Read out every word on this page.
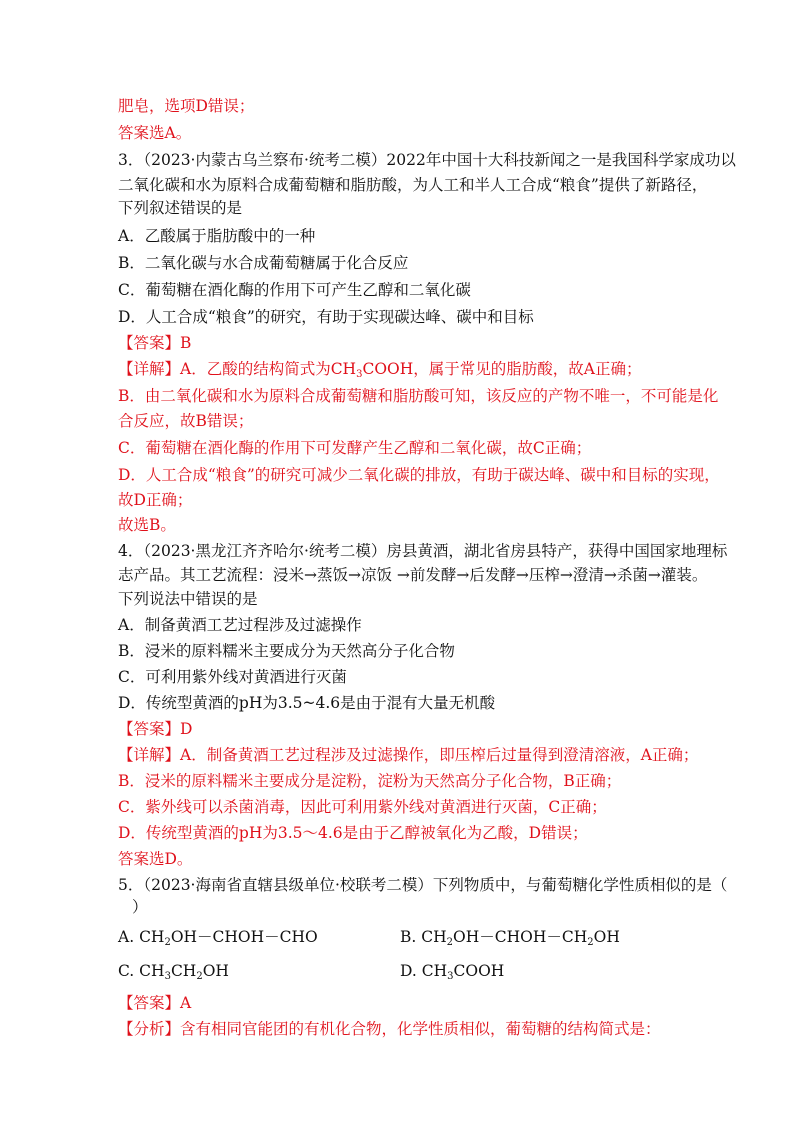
肥皂，选项D错误；
答案选A。
3．（2023·内蒙古乌兰察布·统考二模）2022年中国十大科技新闻之一是我国科学家成功以
二氧化碳和水为原料合成葡萄糖和脂肪酸，为人工和半人工合成“粮食”提供了新路径，
下列叙述错误的是
A．乙酸属于脂肪酸中的一种
B．二氧化碳与水合成葡萄糖属于化合反应
C．葡萄糖在酒化酶的作用下可产生乙醇和二氧化碳
D．人工合成“粮食”的研究，有助于实现碳达峰、碳中和目标
【答案】B
【详解】A．乙酸的结构简式为$CH_3COOH$，属于常见的脂肪酸，故A正确；
B．由二氧化碳和水为原料合成葡萄糖和脂肪酸可知，该反应的产物不唯一，不可能是化
合反应，故B错误；
C．葡萄糖在酒化酶的作用下可发酵产生乙醇和二氧化碳，故C正确；
D．人工合成“粮食”的研究可减少二氧化碳的排放，有助于碳达峰、碳中和目标的实现，
故D正确；
故选B。
4．（2023·黑龙江齐齐哈尔·统考二模）房县黄酒，湖北省房县特产，获得中国国家地理标
志产品。其工艺流程：浸米→蒸饭→凉饭 →前发酵→后发酵→压榨→澄清→杀菌→灌装。
下列说法中错误的是
A．制备黄酒工艺过程涉及过滤操作
B．浸米的原料糯米主要成分为天然高分子化合物
C．可利用紫外线对黄酒进行灭菌
D．传统型黄酒的pH为3.5~4.6是由于混有大量无机酸
【答案】D
【详解】A．制备黄酒工艺过程涉及过滤操作，即压榨后过量得到澄清溶液，A正确；
B．浸米的原料糯米主要成分是淀粉，淀粉为天然高分子化合物，B正确；
C．紫外线可以杀菌消毒，因此可利用紫外线对黄酒进行灭菌，C正确；
D．传统型黄酒的pH为3.5～4.6是由于乙醇被氧化为乙酸，D错误；
答案选D。
5．（2023·海南省直辖县级单位·校联考二模）下列物质中，与葡萄糖化学性质相似的是（
）
A. $CH_2OH-CHOH-CHO$	B. $CH_2OH-CHOH-CH_2OH$
C. $CH_3CH_2OH$	D. $CH_3COOH$
【答案】A
【分析】含有相同官能团的有机化合物，化学性质相似，葡萄糖的结构简式是：
